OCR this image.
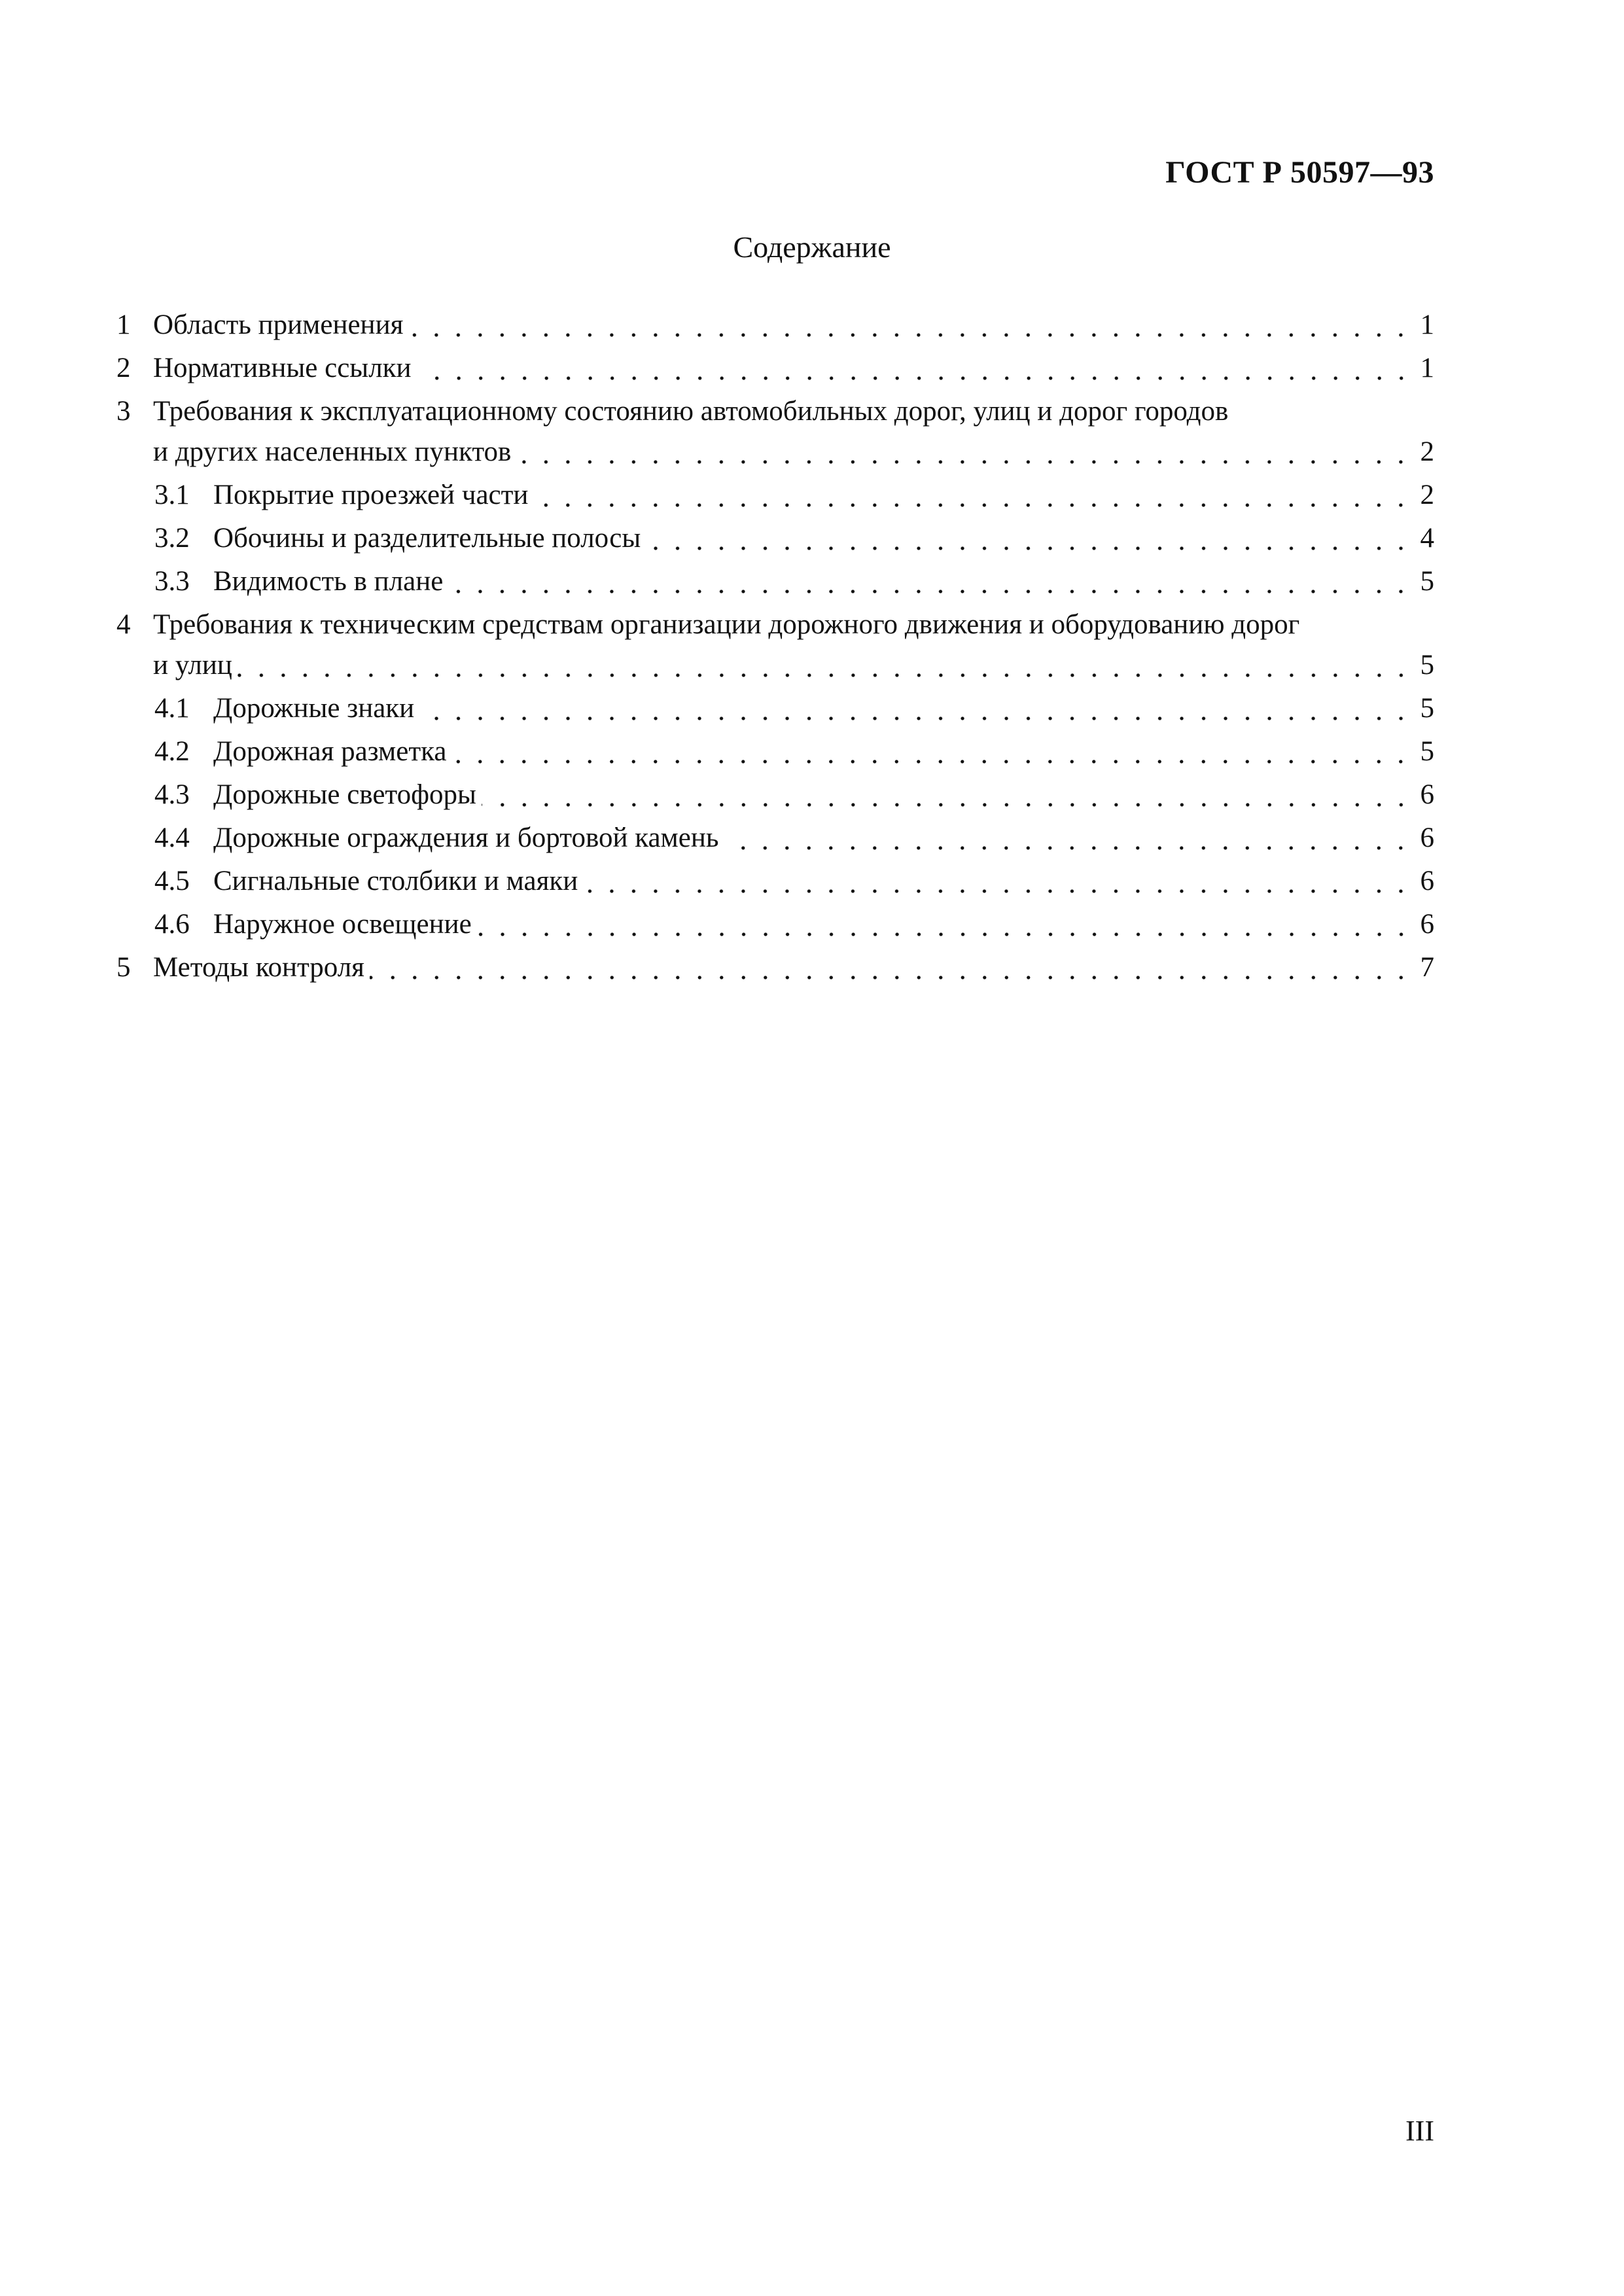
ГОСТ Р 50597—93
Содержание
1 Область применения	1
2 Нормативные ссылки	1
3 Требования к эксплуатационному состоянию автомобильных дорог, улиц и дорог городов
и других населенных пунктов	2
3.1 Покрытие проезжей части	2
3.2 Обочины и разделительные полосы	4
3.3 Видимость в плане	5
4 Требования к техническим средствам организации дорожного движения и оборудованию дорог
и улиц	5
4.1 Дорожные знаки	5
4.2 Дорожная разметка	5
4.3 Дорожные светофоры	6
4.4 Дорожные ограждения и бортовой камень	6
4.5 Сигнальные столбики и маяки	6
4.6 Наружное освещение	6
5 Методы контроля	7
III
